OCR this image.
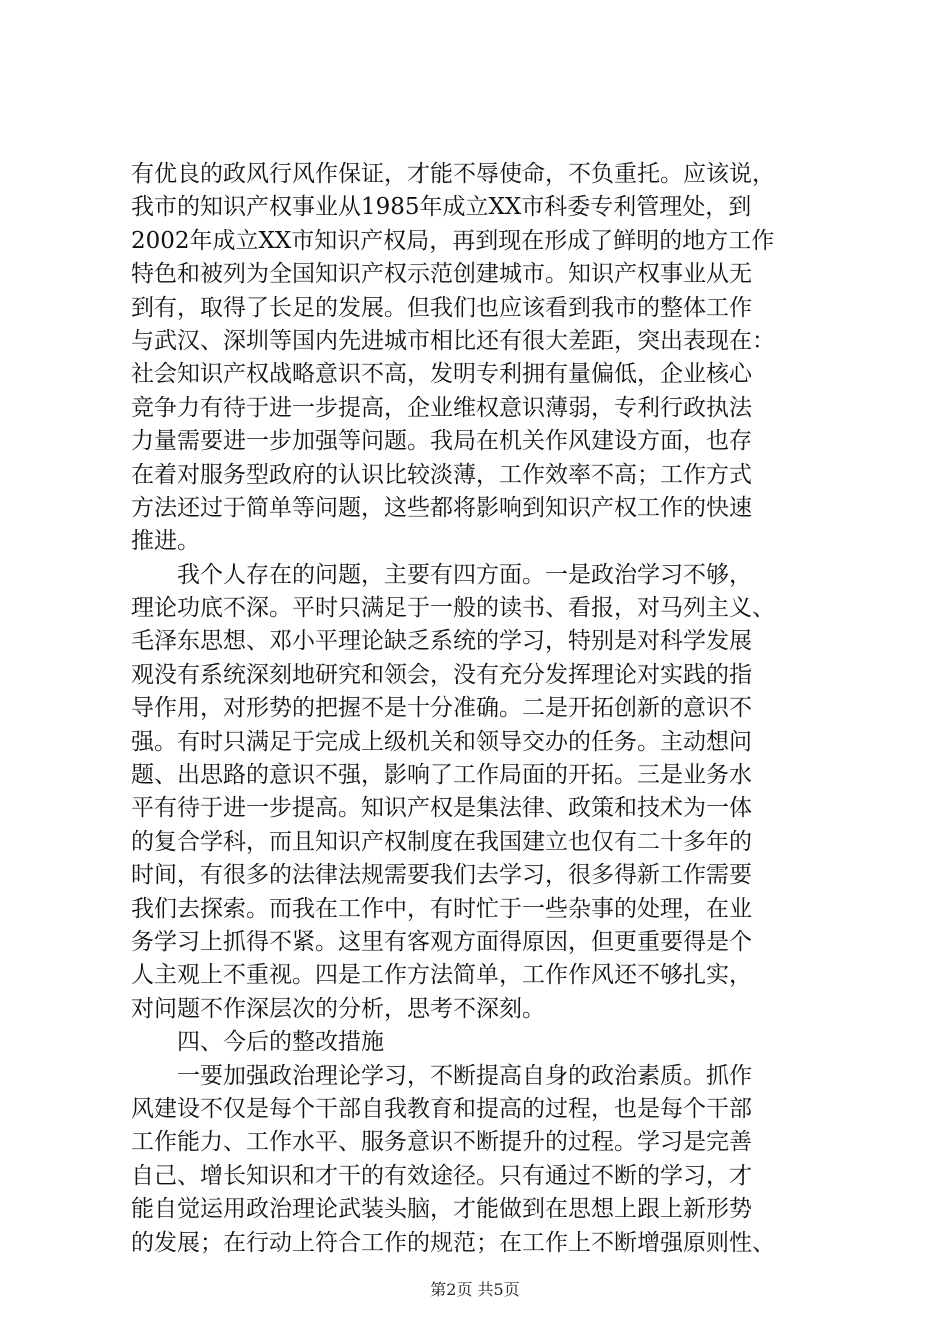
有优良的政风行风作保证，才能不辱使命，不负重托。应该说，
我市的知识产权事业从1985年成立XX市科委专利管理处，到
2002年成立XX市知识产权局，再到现在形成了鲜明的地方工作
特色和被列为全国知识产权示范创建城市。知识产权事业从无
到有，取得了长足的发展。但我们也应该看到我市的整体工作
与武汉、深圳等国内先进城市相比还有很大差距，突出表现在：
社会知识产权战略意识不高，发明专利拥有量偏低，企业核心
竞争力有待于进一步提高，企业维权意识薄弱，专利行政执法
力量需要进一步加强等问题。我局在机关作风建设方面，也存
在着对服务型政府的认识比较淡薄，工作效率不高；工作方式
方法还过于简单等问题，这些都将影响到知识产权工作的快速
推进。
我个人存在的问题，主要有四方面。一是政治学习不够，
理论功底不深。平时只满足于一般的读书、看报，对马列主义、
毛泽东思想、邓小平理论缺乏系统的学习，特别是对科学发展
观没有系统深刻地研究和领会，没有充分发挥理论对实践的指
导作用，对形势的把握不是十分准确。二是开拓创新的意识不
强。有时只满足于完成上级机关和领导交办的任务。主动想问
题、出思路的意识不强，影响了工作局面的开拓。三是业务水
平有待于进一步提高。知识产权是集法律、政策和技术为一体
的复合学科，而且知识产权制度在我国建立也仅有二十多年的
时间，有很多的法律法规需要我们去学习，很多得新工作需要
我们去探索。而我在工作中，有时忙于一些杂事的处理，在业
务学习上抓得不紧。这里有客观方面得原因，但更重要得是个
人主观上不重视。四是工作方法简单，工作作风还不够扎实，
对问题不作深层次的分析，思考不深刻。
四、今后的整改措施
一要加强政治理论学习，不断提高自身的政治素质。抓作
风建设不仅是每个干部自我教育和提高的过程，也是每个干部
工作能力、工作水平、服务意识不断提升的过程。学习是完善
自己、增长知识和才干的有效途径。只有通过不断的学习，才
能自觉运用政治理论武装头脑，才能做到在思想上跟上新形势
的发展；在行动上符合工作的规范；在工作上不断增强原则性、
第2页 共5页
